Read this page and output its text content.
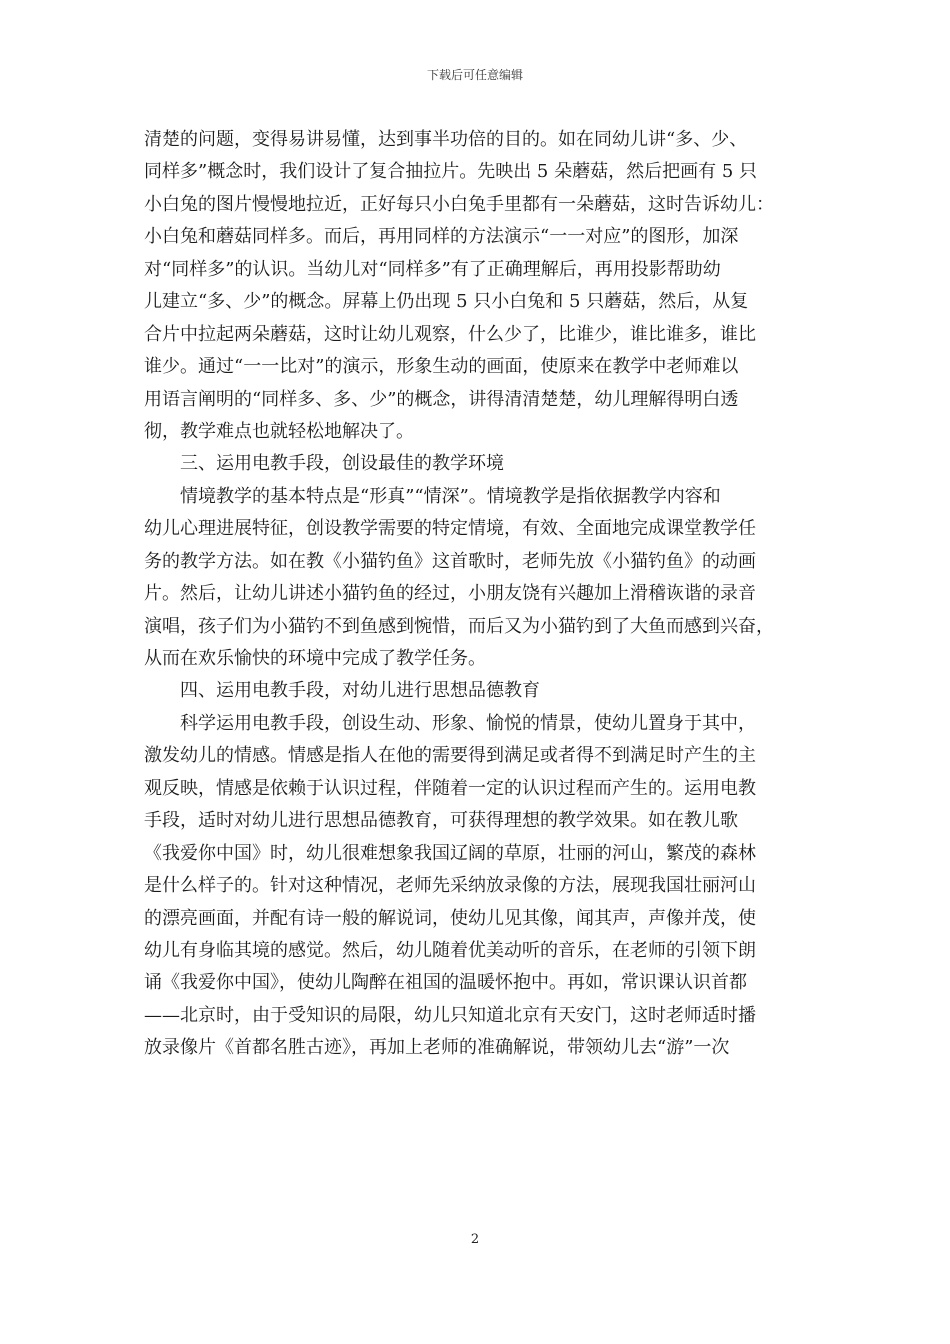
下载后可任意编辑
清楚的问题，变得易讲易懂，达到事半功倍的目的。如在同幼儿讲“多、少、
同样多”概念时，我们设计了复合抽拉片。先映出 5 朵蘑菇，然后把画有 5 只
小白兔的图片慢慢地拉近，正好每只小白兔手里都有一朵蘑菇，这时告诉幼儿：
小白兔和蘑菇同样多。而后，再用同样的方法演示“一一对应”的图形，加深
对“同样多”的认识。当幼儿对“同样多”有了正确理解后，再用投影帮助幼
儿建立“多、少”的概念。屏幕上仍出现 5 只小白兔和 5 只蘑菇，然后，从复
合片中拉起两朵蘑菇，这时让幼儿观察，什么少了，比谁少，谁比谁多，谁比
谁少。通过“一一比对”的演示，形象生动的画面，使原来在教学中老师难以
用语言阐明的“同样多、多、少”的概念，讲得清清楚楚，幼儿理解得明白透
彻，教学难点也就轻松地解决了。
三、运用电教手段，创设最佳的教学环境
情境教学的基本特点是“形真”“情深”。情境教学是指依据教学内容和
幼儿心理进展特征，创设教学需要的特定情境，有效、全面地完成课堂教学任
务的教学方法。如在教《小猫钓鱼》这首歌时，老师先放《小猫钓鱼》的动画
片。然后，让幼儿讲述小猫钓鱼的经过，小朋友饶有兴趣加上滑稽诙谐的录音
演唱，孩子们为小猫钓不到鱼感到惋惜，而后又为小猫钓到了大鱼而感到兴奋，
从而在欢乐愉快的环境中完成了教学任务。
四、运用电教手段，对幼儿进行思想品德教育
科学运用电教手段，创设生动、形象、愉悦的情景，使幼儿置身于其中，
激发幼儿的情感。情感是指人在他的需要得到满足或者得不到满足时产生的主
观反映，情感是依赖于认识过程，伴随着一定的认识过程而产生的。运用电教
手段，适时对幼儿进行思想品德教育，可获得理想的教学效果。如在教儿歌
《我爱你中国》时，幼儿很难想象我国辽阔的草原，壮丽的河山，繁茂的森林
是什么样子的。针对这种情况，老师先采纳放录像的方法，展现我国壮丽河山
的漂亮画面，并配有诗一般的解说词，使幼儿见其像，闻其声，声像并茂，使
幼儿有身临其境的感觉。然后，幼儿随着优美动听的音乐，在老师的引领下朗
诵《我爱你中国》，使幼儿陶醉在祖国的温暖怀抱中。再如，常识课认识首都
——北京时，由于受知识的局限，幼儿只知道北京有天安门，这时老师适时播
放录像片《首都名胜古迹》，再加上老师的准确解说，带领幼儿去“游”一次
2
